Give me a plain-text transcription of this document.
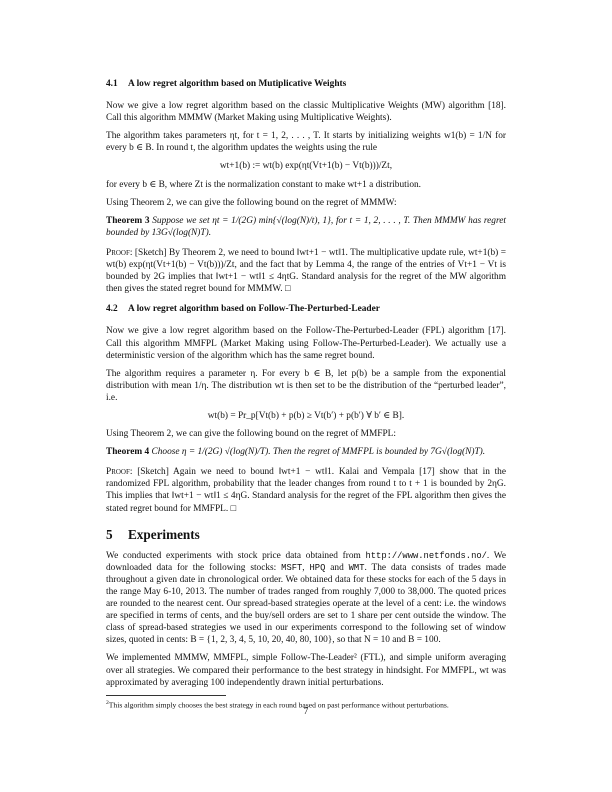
4.1 A low regret algorithm based on Mutiplicative Weights

Now we give a low regret algorithm based on the classic Multiplicative Weights (MW) algorithm [18]. Call this algorithm MMMW (Market Making using Multiplicative Weights).

The algorithm takes parameters ηt, for t = 1, 2, . . . , T. It starts by initializing weights w1(b) = 1/N for every b ∈ B. In round t, the algorithm updates the weights using the rule

wt+1(b) := wt(b) exp(ηt(Vt+1(b) − Vt(b)))/Zt,

for every b ∈ B, where Zt is the normalization constant to make wt+1 a distribution.

Using Theorem 2, we can give the following bound on the regret of MMMW:

Theorem 3 Suppose we set ηt = 1/(2G) min{√(log(N)/t), 1}, for t = 1, 2, . . . , T. Then MMMW has regret bounded by 13G√(log(N)T).

Proof: [Sketch] By Theorem 2, we need to bound ‖wt+1 − wt‖1. The multiplicative update rule, wt+1(b) = wt(b) exp(ηt(Vt+1(b) − Vt(b)))/Zt, and the fact that by Lemma 4, the range of the entries of Vt+1 − Vt is bounded by 2G implies that ‖wt+1 − wt‖1 ≤ 4ηtG. Standard analysis for the regret of the MW algorithm then gives the stated regret bound for MMMW. □

4.2 A low regret algorithm based on Follow-The-Perturbed-Leader

Now we give a low regret algorithm based on the Follow-The-Perturbed-Leader (FPL) algorithm [17]. Call this algorithm MMFPL (Market Making using Follow-The-Perturbed-Leader). We actually use a deterministic version of the algorithm which has the same regret bound.

The algorithm requires a parameter η. For every b ∈ B, let p(b) be a sample from the exponential distribution with mean 1/η. The distribution wt is then set to be the distribution of the “perturbed leader”, i.e.

wt(b) = Pr_p[Vt(b) + p(b) ≥ Vt(b′) + p(b′) ∀ b′ ∈ B].

Using Theorem 2, we can give the following bound on the regret of MMFPL:

Theorem 4 Choose η = 1/(2G) √(log(N)/T). Then the regret of MMFPL is bounded by 7G√(log(N)T).

Proof: [Sketch] Again we need to bound ‖wt+1 − wt‖1. Kalai and Vempala [17] show that in the randomized FPL algorithm, probability that the leader changes from round t to t + 1 is bounded by 2ηG. This implies that ‖wt+1 − wt‖1 ≤ 4ηG. Standard analysis for the regret of the FPL algorithm then gives the stated regret bound for MMFPL. □

5 Experiments

We conducted experiments with stock price data obtained from http://www.netfonds.no/. We downloaded data for the following stocks: MSFT, HPQ and WMT. The data consists of trades made throughout a given date in chronological order. We obtained data for these stocks for each of the 5 days in the range May 6-10, 2013. The number of trades ranged from roughly 7,000 to 38,000. The quoted prices are rounded to the nearest cent. Our spread-based strategies operate at the level of a cent: i.e. the windows are specified in terms of cents, and the buy/sell orders are set to 1 share per cent outside the window. The class of spread-based strategies we used in our experiments correspond to the following set of window sizes, quoted in cents: B = {1, 2, 3, 4, 5, 10, 20, 40, 80, 100}, so that N = 10 and B = 100.

We implemented MMMW, MMFPL, simple Follow-The-Leader² (FTL), and simple uniform averaging over all strategies. We compared their performance to the best strategy in hindsight. For MMFPL, wt was approximated by averaging 100 independently drawn initial perturbations.

$^2$This algorithm simply chooses the best strategy in each round based on past performance without perturbations.
7
